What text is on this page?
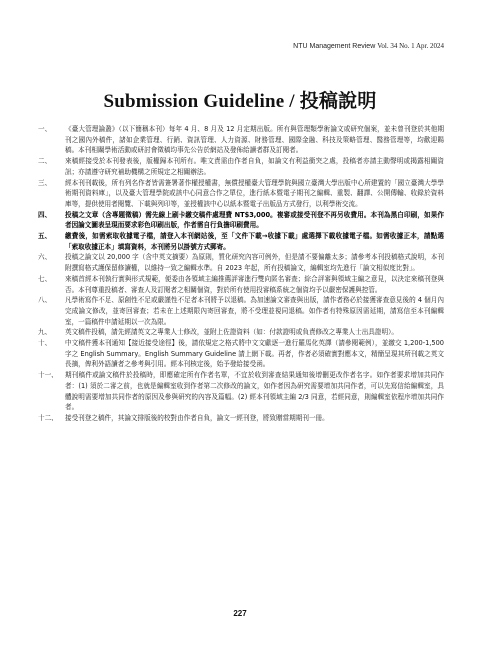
NTU Management Review Vol. 34 No. 1 Apr. 2024
Submission Guideline / 投稿說明
一、	《臺大管理論叢》（以下簡稱本刊）每年 4 月、8 月及 12 月定期出版。所有與管理類學術論文或研究個案，並未曾刊登於其他期刊之國內外稿件，諸如企業管理、行銷、資訊管理、人力資源、財務管理、國際金融、科技及策略管理、醫務管理等，均歡迎賜稿。本刊相關學術活動或研討會徵稿均事先公告於網站及發佈給讀者群及訂閱者。
二、	來稿經接受於本刊發表後，版權歸本刊所有。唯文責需由作者自負，如論文有利益衝突之處，投稿者亦請主動聲明或揭露相關資訊；亦請遵守研究補助機構之所規定之相關辦法。
三、	經本刊刊載後，所有列名作者皆需簽署著作權授權書，無償授權臺大管理學院與國立臺灣大學出版中心所建置的「國立臺灣大學學術期刊資料庫」，以及臺大管理學院或該中心同意合作之單位，進行紙本暨電子期刊之編輯、重製、翻譯、公開傳輸、收錄於資料庫等，提供使用者閱覽、下載與列印等，並授權該中心以紙本暨電子出版品方式發行，以利學術交流。
四、	投稿之文章（含專題徵稿）需先線上刷卡繳交稿件處理費 NT$3,000。複審或接受刊登不再另收費用。本刊為黑白印刷，如果作者因論文圖表呈現而要求彩色印刷出版，作者需自行負擔印刷費用。
五、	繳費後，如需索取收據電子檔，請登入本刊網站後，至「文件下載→收據下載」處選擇下載收據電子檔。如需收據正本，請點選「索取收據正本」填寫資料，本刊將另以掛號方式郵寄。
六、	投稿之論文以 20,000 字（含中英文摘要）為原則，質化研究內容可例外，但是請不要偏離太多；請參考本刊投稿格式說明，本刊附撰寫格式護保留修讀權，以維持一致之編輯水準。自 2023 年起，所有投稿論文，編輯室均先進行「論文相似度比對」。
七、	來稿首經本刊執行實與形式規範，便委由各領域主編推薦評審進行雙向匿名審查；綜合評審與領域主編之意見，以決定來稿刊登與否。本刊尊重投稿者、審查人及訂閱者之相關個資，對於所有使用投審稿系統之個資均予以嚴密保護與控管。
八、	凡學術寫作不足、原創性不足或嚴謹性不足者本刊將予以退稿。為加速論文審查與出版，請作者務必於接獲審查意見後的 4 個月內完成論文修改，並寄回審查；若未在上述期限內寄回審查，將不受理並視同退稿。如作者有特殊原因需延期，請寫信至本刊編輯室，一篇稿件申請延期以一次為限。
九、	英文稿件投稿，請先經請英文之專業人士修改，並附上佐證資料（如：付款證明或負責修改之專業人士出具證明）。
十、	中文稿件獲本刊通知【接近接受途徑】後，請依規定之格式將中文文獻逐一進行羅馬化英譯（請參閱範例），並繳交 1,200-1,500 字之 English Summary。English Summary Guideline 請上網下載。再者，作者必須確實對應本文，精簡呈現其所刊載之英文長摘，俾利外語讀者之參考與引用。經本刊核定後，始予發給接受函。
十一、	期刊稿件或論文稿件於投稿時，即應確定所有作者名單，不宜於收到審查結果通知後增刪更改作者名字。如作者要求增加共同作者：(1) 須於二審之前，也就是編輯室收到作者第二次修改的論文，如作者因為研究需要增加共同作者，可以先寫信給編輯室，具體說明需要增加共同作者的原因及參與研究的內容及篇幅。(2) 經本刊領域主編 2/3 同意，若經同意，則編輯室依程序增加共同作者。
十二、	接受刊登之稿件，其論文排版後的校對由作者自負，論文一經刊登，將致贈當期期刊一冊。
227
